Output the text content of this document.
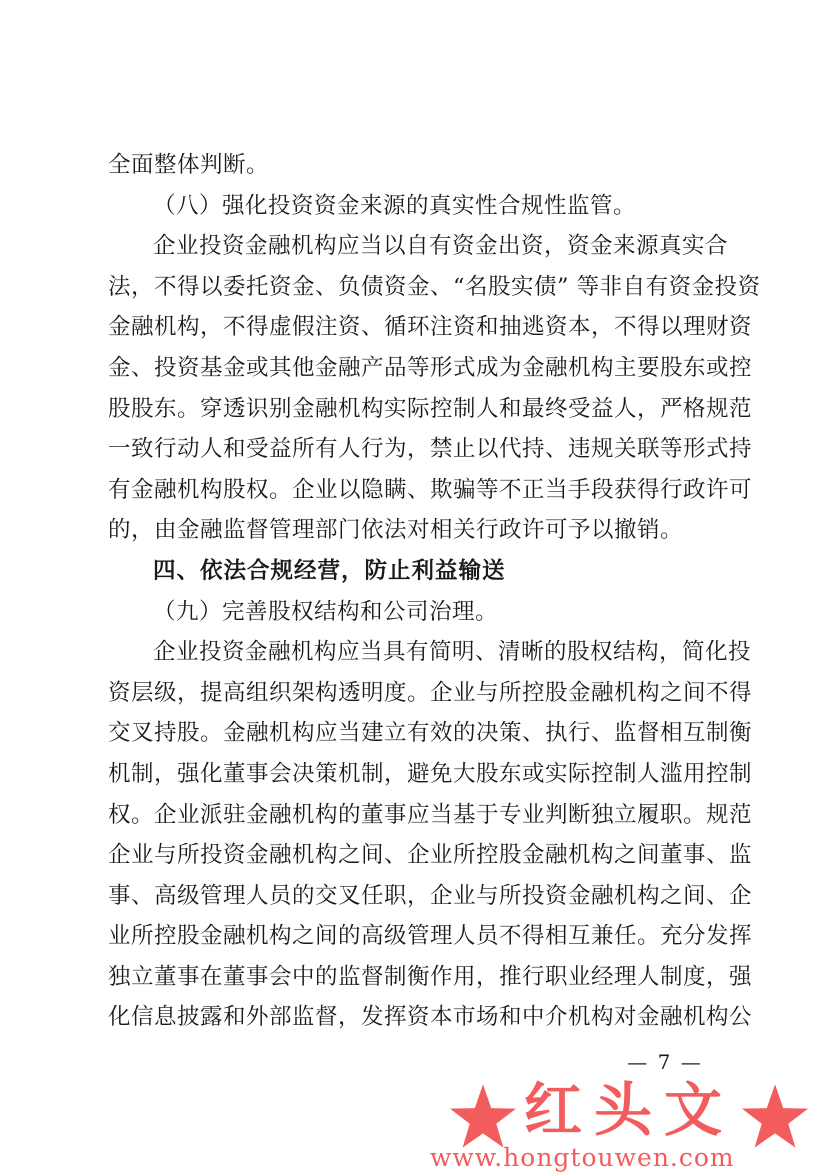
全面整体判断。
（八）强化投资资金来源的真实性合规性监管。
企业投资金融机构应当以自有资金出资，资金来源真实合
法，不得以委托资金、负债资金、“名股实债” 等非自有资金投资
金融机构，不得虚假注资、循环注资和抽逃资本，不得以理财资
金、投资基金或其他金融产品等形式成为金融机构主要股东或控
股股东。穿透识别金融机构实际控制人和最终受益人，严格规范
一致行动人和受益所有人行为，禁止以代持、违规关联等形式持
有金融机构股权。企业以隐瞒、欺骗等不正当手段获得行政许可
的，由金融监督管理部门依法对相关行政许可予以撤销。
四、依法合规经营，防止利益输送
（九）完善股权结构和公司治理。
企业投资金融机构应当具有简明、清晰的股权结构，简化投
资层级，提高组织架构透明度。企业与所控股金融机构之间不得
交叉持股。金融机构应当建立有效的决策、执行、监督相互制衡
机制，强化董事会决策机制，避免大股东或实际控制人滥用控制
权。企业派驻金融机构的董事应当基于专业判断独立履职。规范
企业与所投资金融机构之间、企业所控股金融机构之间董事、监
事、高级管理人员的交叉任职，企业与所投资金融机构之间、企
业所控股金融机构之间的高级管理人员不得相互兼任。充分发挥
独立董事在董事会中的监督制衡作用，推行职业经理人制度，强
化信息披露和外部监督，发挥资本市场和中介机构对金融机构公
— 7 —
红头文
www.hongtouwen.com
